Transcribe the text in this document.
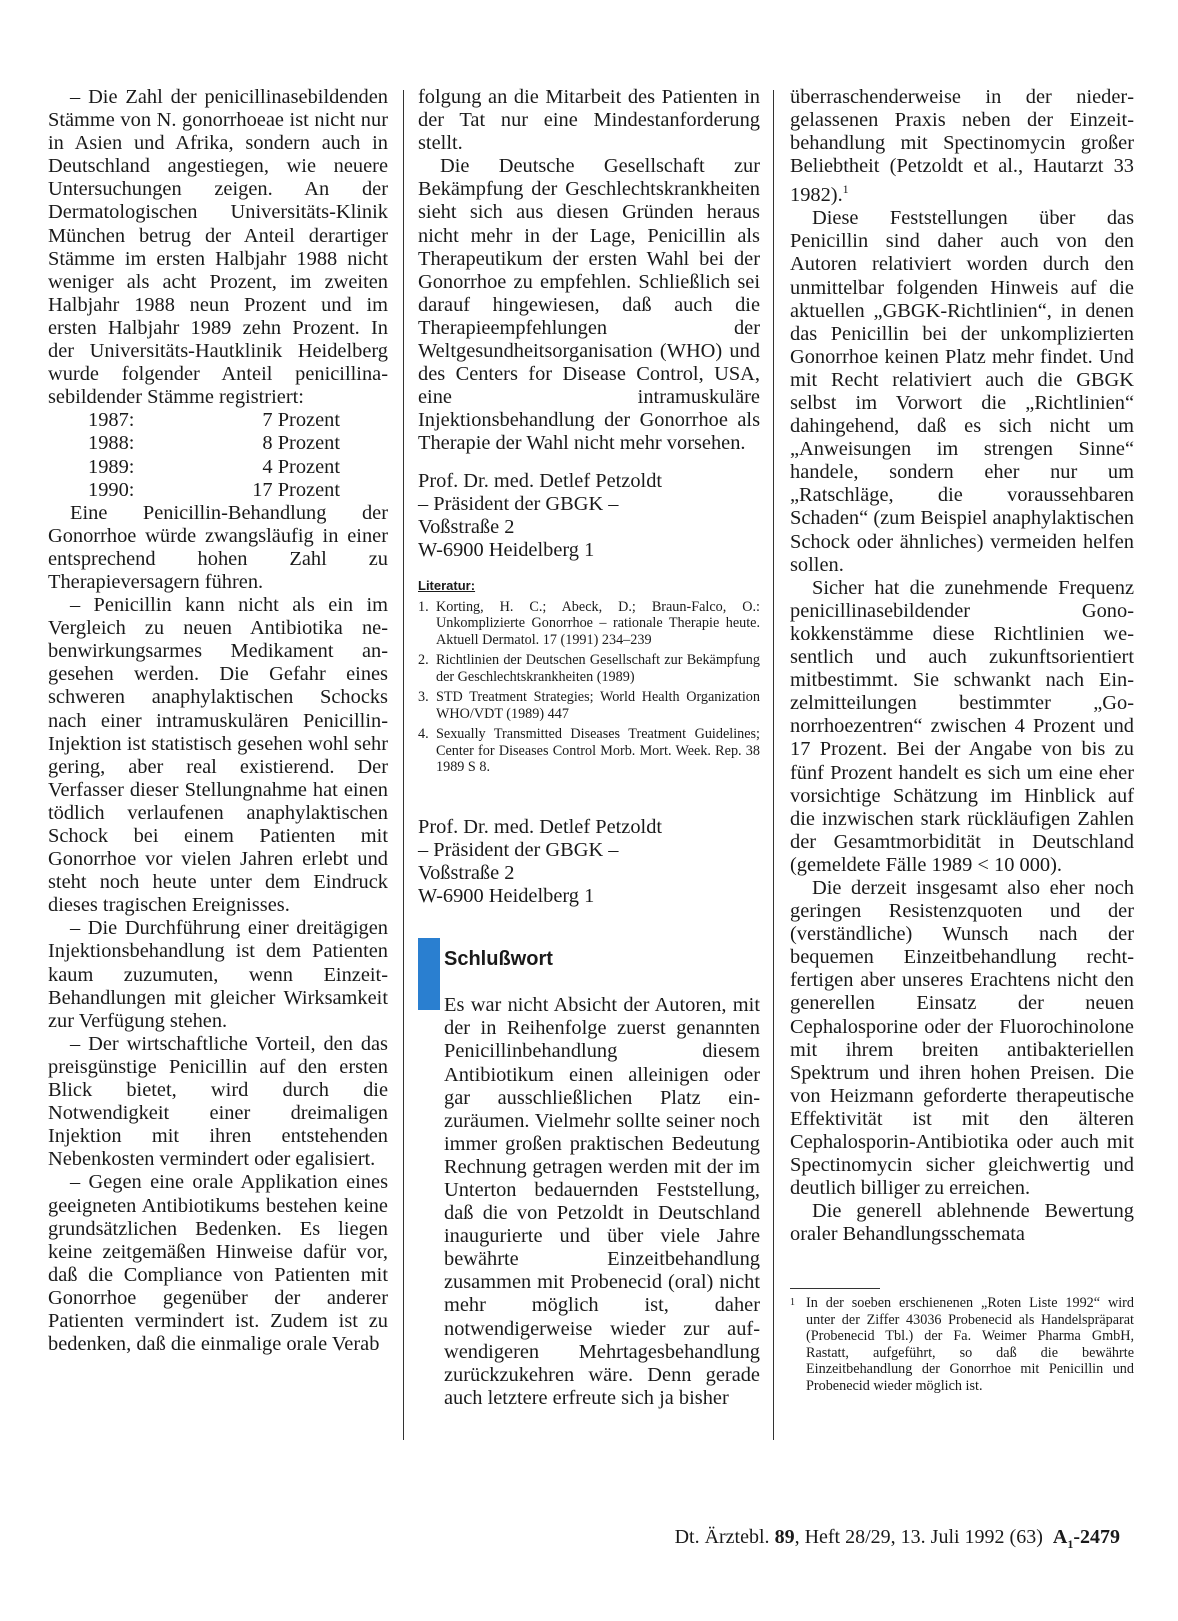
– Die Zahl der penicillinasebildenden Stämme von N. gonorrhoeae ist nicht nur in Asien und Afrika, sondern auch in Deutschland angestiegen, wie neuere Untersuchungen zeigen. An der Dermatologischen Universitäts-Klinik München betrug der Anteil derartiger Stämme im ersten Halbjahr 1988 nicht weniger als acht Prozent, im zweiten Halbjahr 1988 neun Prozent und im ersten Halbjahr 1989 zehn Prozent. In der Universitäts-Hautklinik Heidelberg wurde folgender Anteil penicillinasebildender Stämme registriert:

1987:	7 Prozent
1988:	8 Prozent
1989:	4 Prozent
1990:	17 Prozent

Eine Penicillin-Behandlung der Gonorrhoe würde zwangsläufig in einer entsprechend hohen Zahl zu Therapieversagern führen.

– Penicillin kann nicht als ein im Vergleich zu neuen Antibiotika nebenwirkungsarmes Medikament angesehen werden. Die Gefahr eines schweren anaphylaktischen Schocks nach einer intramuskulären Penicillin-Injektion ist statistisch gesehen wohl sehr gering, aber real existierend. Der Verfasser dieser Stellungnahme hat einen tödlich verlaufenen anaphylaktischen Schock bei einem Patienten mit Gonorrhoe vor vielen Jahren erlebt und steht noch heute unter dem Eindruck dieses tragischen Ereignisses.

– Die Durchführung einer dreitägigen Injektionsbehandlung ist dem Patienten kaum zuzumuten, wenn Einzeit-Behandlungen mit gleicher Wirksamkeit zur Verfügung stehen.

– Der wirtschaftliche Vorteil, den das preisgünstige Penicillin auf den ersten Blick bietet, wird durch die Notwendigkeit einer dreimaligen Injektion mit ihren entstehenden Nebenkosten vermindert oder egalisiert.

– Gegen eine orale Applikation eines geeigneten Antibiotikums bestehen keine grundsätzlichen Bedenken. Es liegen keine zeitgemäßen Hinweise dafür vor, daß die Compliance von Patienten mit Gonorrhoe gegenüber der anderer Patienten vermindert ist. Zudem ist zu bedenken, daß die einmalige orale Verab

folgung an die Mitarbeit des Patienten in der Tat nur eine Mindestanforderung stellt.

Die Deutsche Gesellschaft zur Bekämpfung der Geschlechtskrankheiten sieht sich aus diesen Gründen heraus nicht mehr in der Lage, Penicillin als Therapeutikum der ersten Wahl bei der Gonorrhoe zu empfehlen. Schließlich sei darauf hingewiesen, daß auch die Therapieempfehlungen der Weltgesundheitsorganisation (WHO) und des Centers for Disease Control, USA, eine intramuskuläre Injektionsbehandlung der Gonorrhoe als Therapie der Wahl nicht mehr vorsehen.

Prof. Dr. med. Detlef Petzoldt

– Präsident der GBGK –

Voßstraße 2

W-6900 Heidelberg 1

Literatur:
1. Korting, H. C.; Abeck, D.; Braun-Falco, O.: Unkomplizierte Gonorrhoe – rationale Therapie heute. Aktuell Dermatol. 17 (1991) 234–239
2. Richtlinien der Deutschen Gesellschaft zur Bekämpfung der Geschlechtskrankheiten (1989)
3. STD Treatment Strategies; World Health Organization WHO/VDT (1989) 447
4. Sexually Transmitted Diseases Treatment Guidelines; Center for Diseases Control Morb. Mort. Week. Rep. 38 1989 S 8.

Prof. Dr. med. Detlef Petzoldt

– Präsident der GBGK –

Voßstraße 2

W-6900 Heidelberg 1

Schlußwort

Es war nicht Absicht der Autoren, mit der in Reihenfolge zuerst genannten Penicillinbehandlung diesem Antibiotikum einen alleinigen oder gar ausschließlichen Platz einzuräumen. Vielmehr sollte seiner noch immer großen praktischen Bedeutung Rechnung getragen werden mit der im Unterton bedauernden Feststellung, daß die von Petzoldt in Deutschland inaugurierte und über viele Jahre bewährte Einzeitbehandlung zusammen mit Probenecid (oral) nicht mehr möglich ist, daher notwendigerweise wieder zur aufwendigeren Mehrtagesbehandlung zurückzukehren wäre. Denn gerade auch letztere erfreute sich ja bisher

überraschenderweise in der niedergelassenen Praxis neben der Einzeitbehandlung mit Spectinomycin großer Beliebtheit (Petzoldt et al., Hautarzt 33 1982).$^1$

Diese Feststellungen über das Penicillin sind daher auch von den Autoren relativiert worden durch den unmittelbar folgenden Hinweis auf die aktuellen „GBGK-Richtlinien“, in denen das Penicillin bei der unkomplizierten Gonorrhoe keinen Platz mehr findet. Und mit Recht relativiert auch die GBGK selbst im Vorwort die „Richtlinien“ dahingehend, daß es sich nicht um „Anweisungen im strengen Sinne“ handele, sondern eher nur um „Ratschläge, die voraussehbaren Schaden“ (zum Beispiel anaphylaktischen Schock oder ähnliches) vermeiden helfen sollen.

Sicher hat die zunehmende Frequenz penicillinasebildender Gonokokkenstämme diese Richtlinien wesentlich und auch zukunftsorientiert mitbestimmt. Sie schwankt nach Einzelmitteilungen bestimmter „Gonorrhoezentren“ zwischen 4 Prozent und 17 Prozent. Bei der Angabe von bis zu fünf Prozent handelt es sich um eine eher vorsichtige Schätzung im Hinblick auf die inzwischen stark rückläufigen Zahlen der Gesamtmorbidität in Deutschland (gemeldete Fälle 1989 < 10 000).

Die derzeit insgesamt also eher noch geringen Resistenzquoten und der (verständliche) Wunsch nach der bequemen Einzeitbehandlung rechtfertigen aber unseres Erachtens nicht den generellen Einsatz der neuen Cephalosporine oder der Fluorochinolone mit ihrem breiten antibakteriellen Spektrum und ihren hohen Preisen. Die von Heizmann geforderte therapeutische Effektivität ist mit den älteren Cephalosporin-Antibiotika oder auch mit Spectinomycin sicher gleichwertig und deutlich billiger zu erreichen.

Die generell ablehnende Bewertung oraler Behandlungsschemata

1 In der soeben erschienenen „Roten Liste 1992“ wird unter der Ziffer 43036 Probenecid als Handelspräparat (Probenecid Tbl.) der Fa. Weimer Pharma GmbH, Rastatt, aufgeführt, so daß die bewährte Einzeitbehandlung der Gonorrhoe mit Penicillin und Probenecid wieder möglich ist.
Dt. Ärztebl. 89, Heft 28/29, 13. Juli 1992 (63) $A_1-2479$
